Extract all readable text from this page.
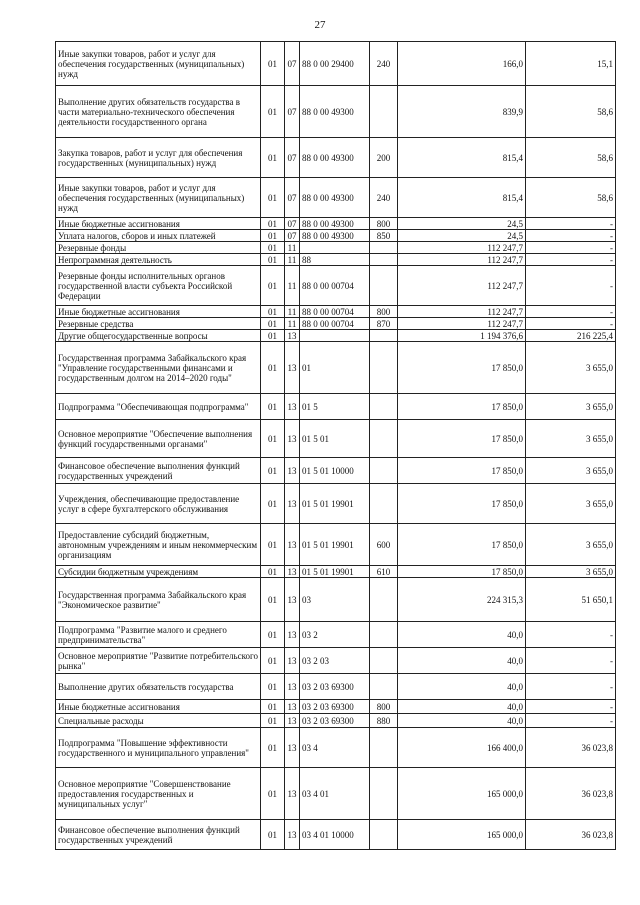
27
Иные закупки товаров, работ и услуг для обеспечения государственных (муниципальных) нужд	01	07	88 0 00 29400	240	166,0	15,1
Выполнение других обязательств государства в части материально-технического обеспечения деятельности государственного органа	01	07	88 0 00 49300		839,9	58,6
Закупка товаров, работ и услуг для обеспечения государственных (муниципальных) нужд	01	07	88 0 00 49300	200	815,4	58,6
Иные закупки товаров, работ и услуг для обеспечения государственных (муниципальных) нужд	01	07	88 0 00 49300	240	815,4	58,6
Иные бюджетные ассигнования	01	07	88 0 00 49300	800	24,5	-
Уплата налогов, сборов и иных платежей	01	07	88 0 00 49300	850	24,5	-
Резервные фонды	01	11			112 247,7	-
Непрограммная деятельность	01	11	88		112 247,7	-
Резервные фонды исполнительных органов государственной власти субъекта Российской Федерации	01	11	88 0 00 00704		112 247,7	-
Иные бюджетные ассигнования	01	11	88 0 00 00704	800	112 247,7	-
Резервные средства	01	11	88 0 00 00704	870	112 247,7	-
Другие общегосударственные вопросы	01	13			1 194 376,6	216 225,4
Государственная программа Забайкальского края "Управление государственными финансами и государственным долгом на 2014–2020 годы"	01	13	01		17 850,0	3 655,0
Подпрограмма "Обеспечивающая подпрограмма"	01	13	01 5		17 850,0	3 655,0
Основное мероприятие "Обеспечение выполнения функций государственными органами"	01	13	01 5 01		17 850,0	3 655,0
Финансовое обеспечение выполнения функций государственных учреждений	01	13	01 5 01 10000		17 850,0	3 655,0
Учреждения, обеспечивающие предоставление услуг в сфере бухгалтерского обслуживания	01	13	01 5 01 19901		17 850,0	3 655,0
Предоставление субсидий бюджетным, автономным учреждениям и иным некоммерческим организациям	01	13	01 5 01 19901	600	17 850,0	3 655,0
Субсидии бюджетным учреждениям	01	13	01 5 01 19901	610	17 850,0	3 655,0
Государственная программа Забайкальского края "Экономическое развитие"	01	13	03		224 315,3	51 650,1
Подпрограмма "Развитие малого и среднего предпринимательства"	01	13	03 2		40,0	-
Основное мероприятие "Развитие потребительского рынка"	01	13	03 2 03		40,0	-
Выполнение других обязательств государства	01	13	03 2 03 69300		40,0	-
Иные бюджетные ассигнования	01	13	03 2 03 69300	800	40,0	-
Специальные расходы	01	13	03 2 03 69300	880	40,0	-
Подпрограмма "Повышение эффективности государственного и муниципального управления"	01	13	03 4		166 400,0	36 023,8
Основное мероприятие "Совершенствование предоставления государственных и муниципальных услуг"	01	13	03 4 01		165 000,0	36 023,8
Финансовое обеспечение выполнения функций государственных учреждений	01	13	03 4 01 10000		165 000,0	36 023,8
